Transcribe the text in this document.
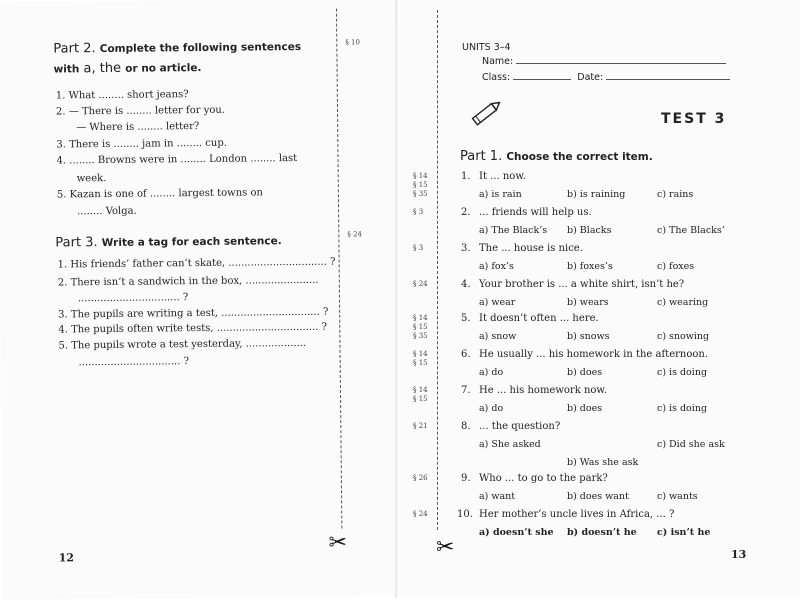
Part 2. Complete the following sentences
with a, the or no article.
§ 10
1. What ........ short jeans?
2. — There is ........ letter for you.
— Where is ........ letter?
3. There is ........ jam in ........ cup.
4. ........ Browns were in ........ London ........ last
week.
5. Kazan is one of ........ largest towns on
........ Volga.
Part 3. Write a tag for each sentence.
§ 24
1. His friends’ father can’t skate, ............................... ?
2. There isn’t a sandwich in the box, .......................
................................ ?
3. The pupils are writing a test, ............................... ?
4. The pupils often write tests, ................................ ?
5. The pupils wrote a test yesterday, ...................
................................ ?
✂
12	✂
UNITS 3–4
Name:
Class:	Date:
TEST 3
Part 1. Choose the correct item.
§ 14
§ 15
§ 35
1. It ... now.
a) is rain	b) is raining	c) rains
§ 3	2. ... friends will help us.
a) The Black’s b) Blacks	c) The Blacks’
§ 3	3. The ... house is nice.
a) fox’s	b) foxes’s	c) foxes
§ 24	4. Your brother is ... a white shirt, isn’t he?
a) wear	b) wears	c) wearing
§ 14
§ 15
§ 35
5. It doesn’t often ... here.
a) snow	b) snows	c) snowing
§ 14
§ 15
6. He usually ... his homework in the afternoon.
a) do	b) does	c) is doing
§ 14
§ 15
7. He ... his homework now.
a) do	b) does	c) is doing
§ 21	8. ... the question?
a) She asked
b) Was she ask
c) Did she ask
§ 26	9. Who ... to go to the park?
a) want	b) does want	c) wants
§ 24	10. Her mother’s uncle lives in Africa, ... ?
a) doesn’t she b) doesn’t he c) isn’t he
13
